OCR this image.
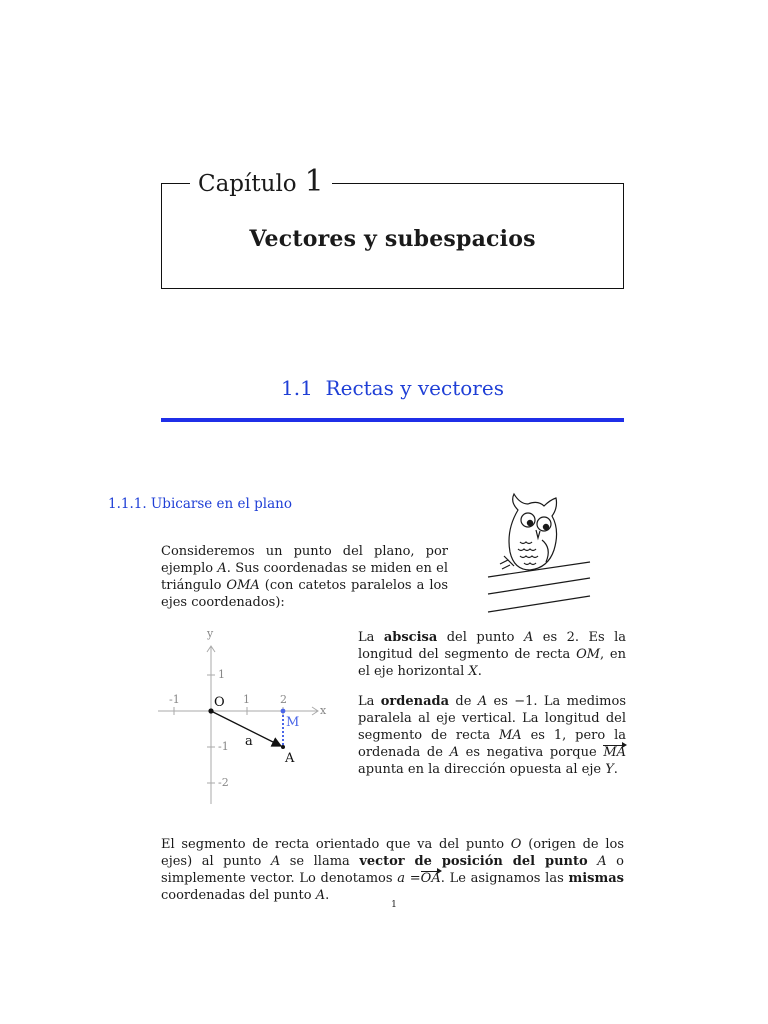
Capítulo 1
Vectores y subespacios
1.1 Rectas y vectores
1.1.1. Ubicarse en el plano

Consideremos un punto del plano, por ejemplo A. Sus coordenadas se miden en el triángulo OMA (con catetos paralelos a los ejes coordenados):

-1	1	2
1
-1
-2
x
y
O
M
a
A

La abscisa del punto A es 2. Es la longitud del segmento de recta OM, en el eje horizontal X.

La ordenada de A es −1. La medimos paralela al eje vertical. La longitud del segmento de recta MA es 1, pero la ordenada de A es negativa porque MA apunta en la dirección opuesta al eje Y.

El segmento de recta orientado que va del punto O (origen de los ejes) al punto A se llama vector de posición del punto A o simplemente vector. Lo denotamos a =OA. Le asignamos las mismas coordenadas del punto A.

1
